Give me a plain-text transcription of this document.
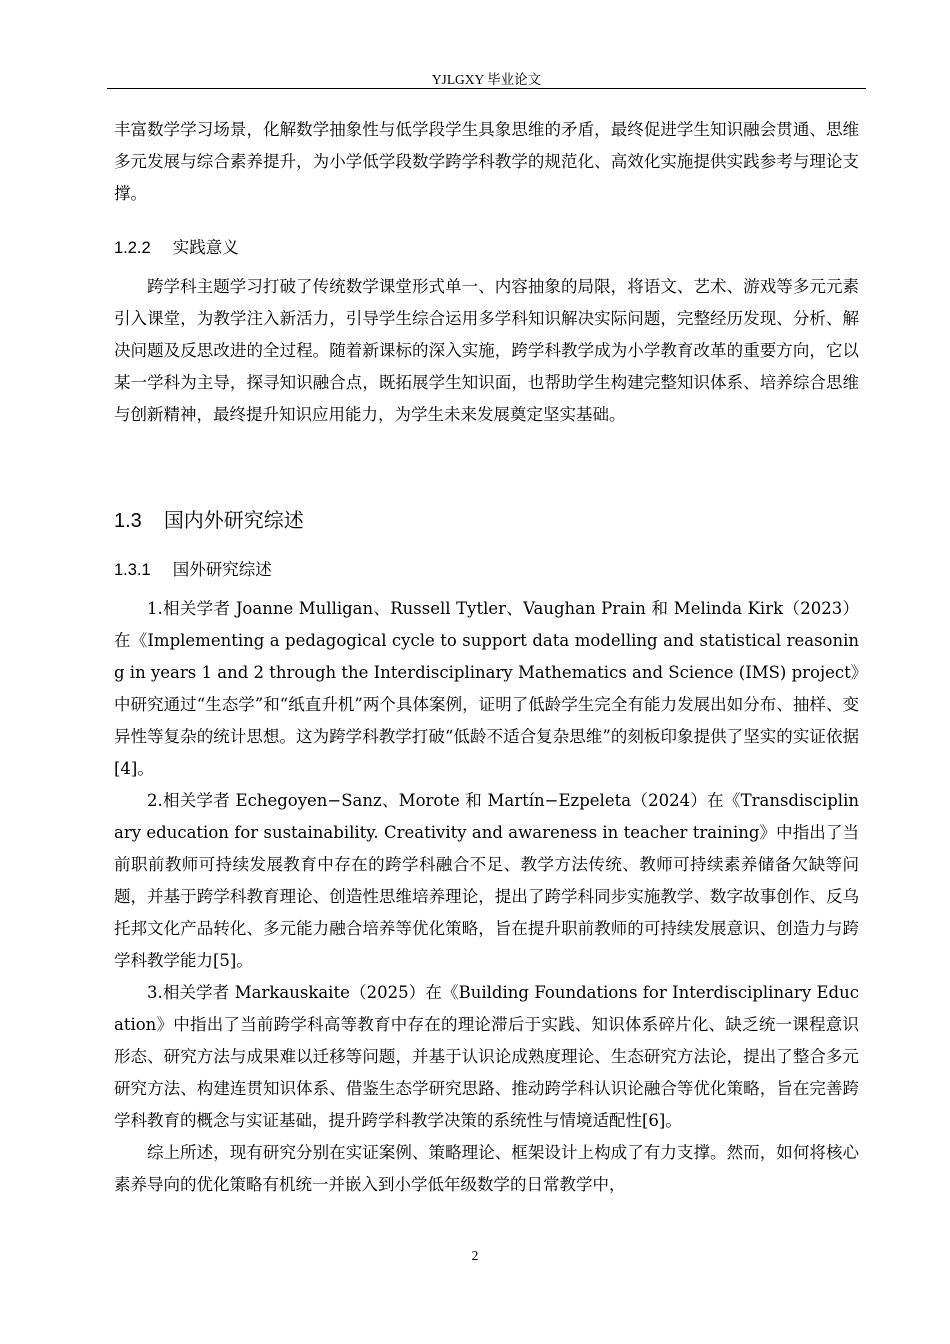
YJLGXY 毕业论文

丰富数学学习场景，化解数学抽象性与低学段学生具象思维的矛盾，最终促进学生知识融会贯通、思维多元发展与综合素养提升，为小学低学段数学跨学科教学的规范化、高效化实施提供实践参考与理论支撑。

1.2.2 实践意义

跨学科主题学习打破了传统数学课堂形式单一、内容抽象的局限，将语文、艺术、游戏等多元元素引入课堂，为教学注入新活力，引导学生综合运用多学科知识解决实际问题，完整经历发现、分析、解决问题及反思改进的全过程。随着新课标的深入实施，跨学科教学成为小学教育改革的重要方向，它以某一学科为主导，探寻知识融合点，既拓展学生知识面，也帮助学生构建完整知识体系、培养综合思维与创新精神，最终提升知识应用能力，为学生未来发展奠定坚实基础。

1.3 国内外研究综述
1.3.1 国外研究综述

1.相关学者 Joanne Mulligan、Russell Tytler、Vaughan Prain 和 Melinda Kirk（2023）在《Implementing a pedagogical cycle to support data modelling and statistical reasoning in years 1 and 2 through the Interdisciplinary Mathematics and Science (IMS) project》中研究通过“生态学”和“纸直升机”两个具体案例，证明了低龄学生完全有能力发展出如分布、抽样、变异性等复杂的统计思想。这为跨学科教学打破“低龄不适合复杂思维”的刻板印象提供了坚实的实证依据[4]。

2.相关学者 Echegoyen−Sanz、Morote 和 Martín−Ezpeleta（2024）在《Transdisciplinary education for sustainability. Creativity and awareness in teacher training》中指出了当前职前教师可持续发展教育中存在的跨学科融合不足、教学方法传统、教师可持续素养储备欠缺等问题，并基于跨学科教育理论、创造性思维培养理论，提出了跨学科同步实施教学、数字故事创作、反乌托邦文化产品转化、多元能力融合培养等优化策略，旨在提升职前教师的可持续发展意识、创造力与跨学科教学能力[5]。

3.相关学者 Markauskaite（2025）在《Building Foundations for Interdisciplinary Education》中指出了当前跨学科高等教育中存在的理论滞后于实践、知识体系碎片化、缺乏统一课程意识形态、研究方法与成果难以迁移等问题，并基于认识论成熟度理论、生态研究方法论，提出了整合多元研究方法、构建连贯知识体系、借鉴生态学研究思路、推动跨学科认识论融合等优化策略，旨在完善跨学科教育的概念与实证基础，提升跨学科教学决策的系统性与情境适配性[6]。

综上所述，现有研究分别在实证案例、策略理论、框架设计上构成了有力支撑。然而，如何将核心素养导向的优化策略有机统一并嵌入到小学低年级数学的日常教学中，

2
